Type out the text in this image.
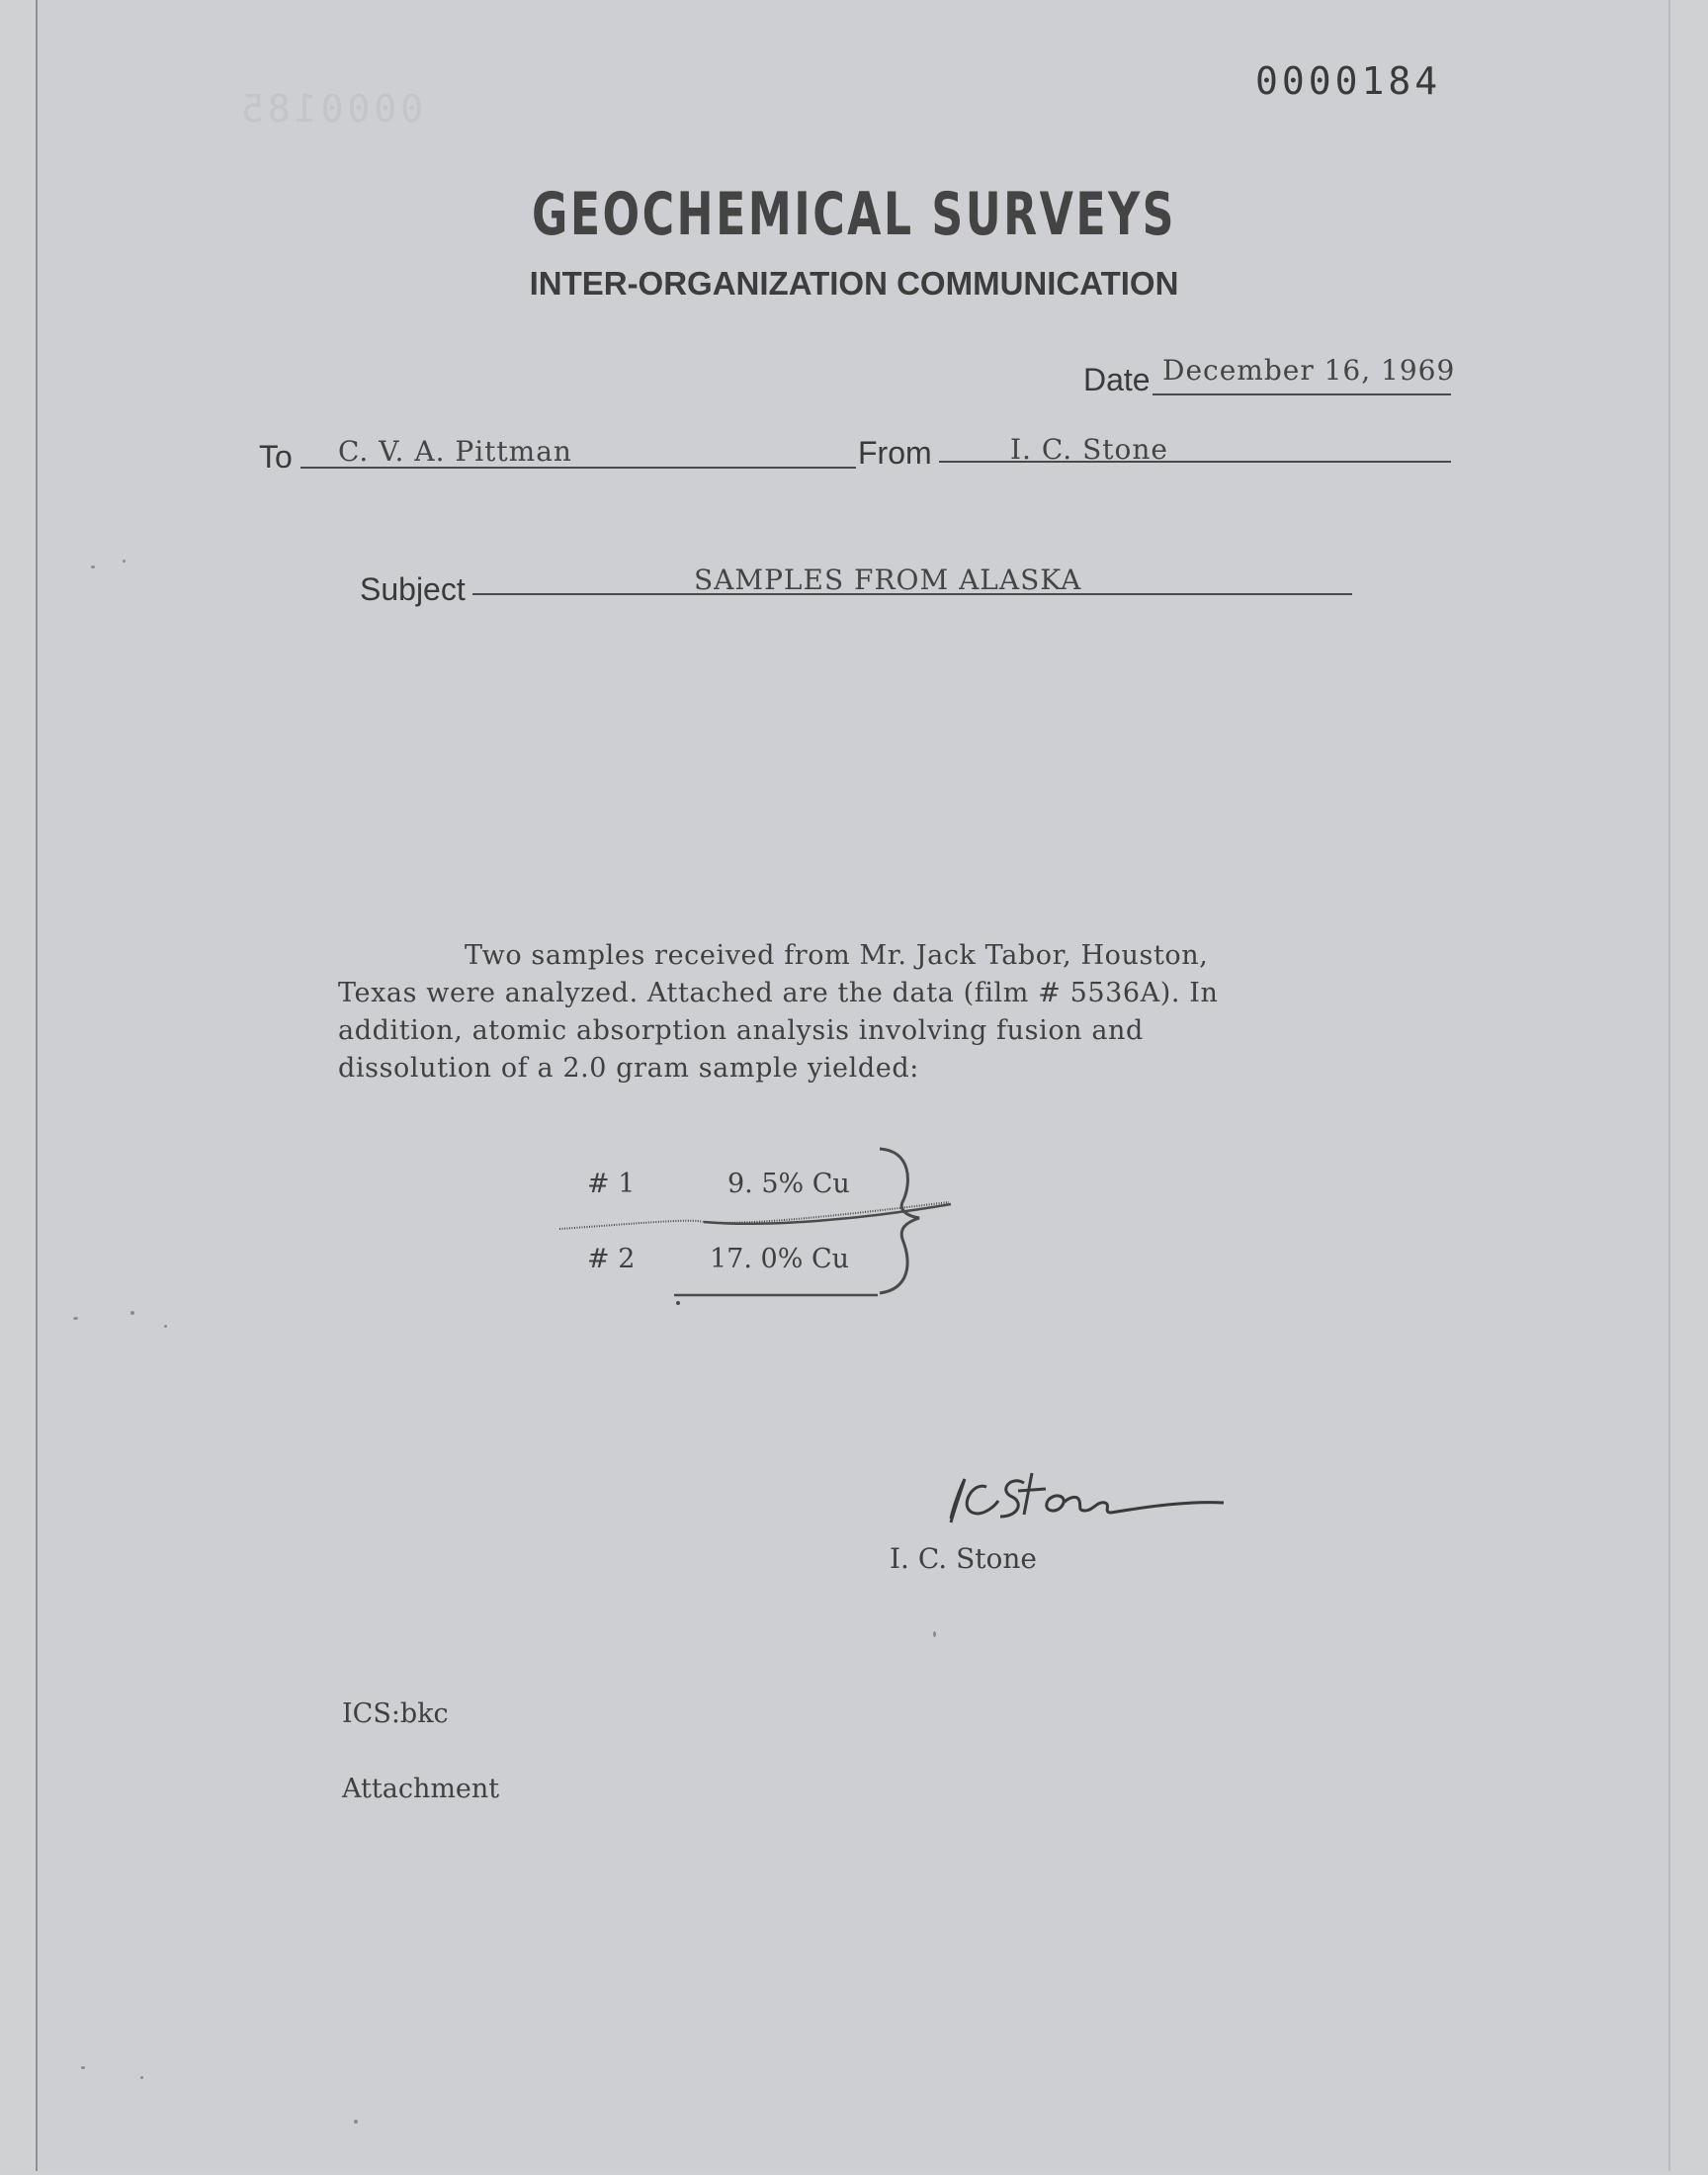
0000185
0000184
GEOCHEMICAL SURVEYS
INTER-ORGANIZATION COMMUNICATION
Date December 16, 1969
To C. V. A. Pittman	From	I. C. Stone
Subject	SAMPLES FROM ALASKA

Two samples received from Mr. Jack Tabor, Houston, Texas were analyzed. Attached are the data (film # 5536A). In addition, atomic absorption analysis involving fusion and dissolution of a 2.0 gram sample yielded:

# 1	9. 5% Cu
# 2	17. 0% Cu
I. C. Stone
ICS:bkc
Attachment
